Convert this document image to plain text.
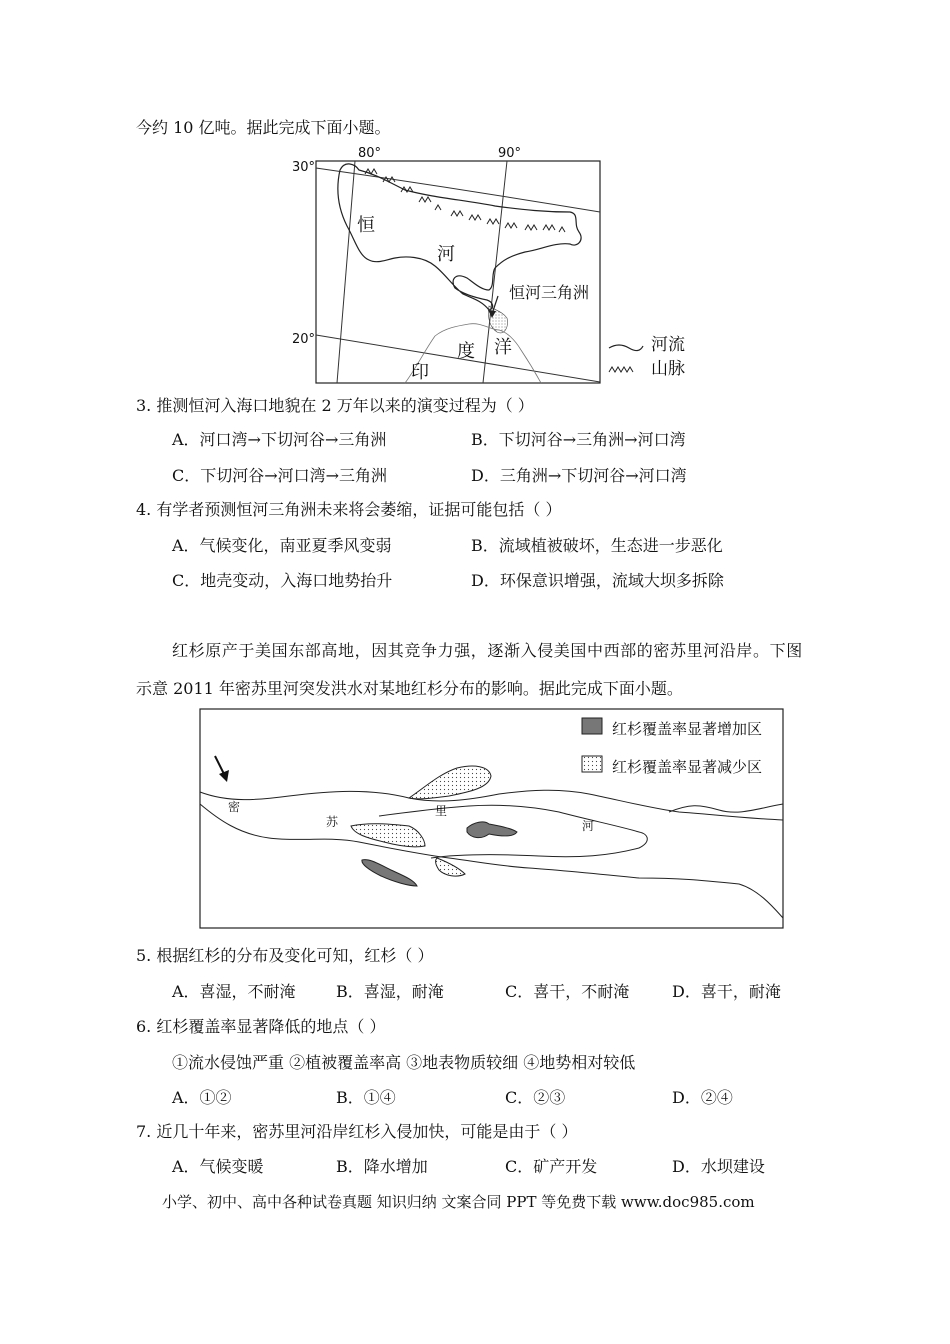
今约 10 亿吨。据此完成下面小题。
80°	90°
30°
20°
恒
河
恒河三角洲
度 洋
印
河流
山脉
3. 推测恒河入海口地貌在 2 万年以来的演变过程为（ ）
A．河口湾→下切河谷→三角洲	B．下切河谷→三角洲→河口湾
C．下切河谷→河口湾→三角洲	D．三角洲→下切河谷→河口湾
4. 有学者预测恒河三角洲未来将会萎缩，证据可能包括（ ）
A．气候变化，南亚夏季风变弱	B．流域植被破坏，生态进一步恶化
C．地壳变动，入海口地势抬升	D．环保意识增强，流域大坝多拆除
红杉原产于美国东部高地，因其竞争力强，逐渐入侵美国中西部的密苏里河沿岸。下图
示意 2011 年密苏里河突发洪水对某地红杉分布的影响。据此完成下面小题。
红杉覆盖率显著增加区
红杉覆盖率显著减少区
密
苏
里
河
5. 根据红杉的分布及变化可知，红杉（ ）
A．喜湿，不耐淹	B．喜湿，耐淹	C．喜干，不耐淹	D．喜干，耐淹
6. 红杉覆盖率显著降低的地点（ ）
①流水侵蚀严重 ②植被覆盖率高 ③地表物质较细 ④地势相对较低
A．①②	B．①④	C．②③	D．②④
7. 近几十年来，密苏里河沿岸红杉入侵加快，可能是由于（ ）
A．气候变暖	B．降水增加	C．矿产开发	D．水坝建设
小学、初中、高中各种试卷真题 知识归纳 文案合同 PPT 等免费下载 www.doc985.com
